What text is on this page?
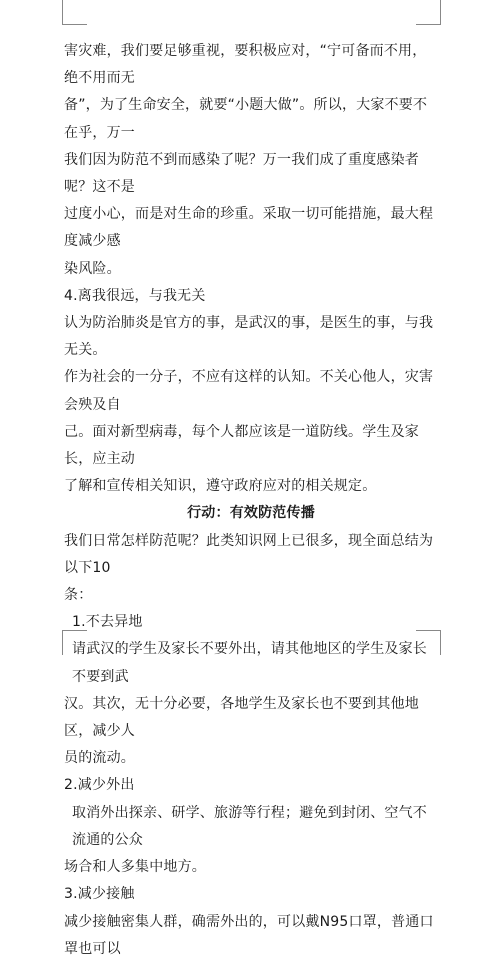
害灾难，我们要足够重视，要积极应对，“宁可备而不用，绝不用而无

备”，为了生命安全，就要“小题大做”。所以，大家不要不在乎，万一

我们因为防范不到而感染了呢？万一我们成了重度感染者呢？这不是

过度小心，而是对生命的珍重。采取一切可能措施，最大程度减少感

染风险。

4.离我很远，与我无关

认为防治肺炎是官方的事，是武汉的事，是医生的事，与我无关。

作为社会的一分子，不应有这样的认知。不关心他人，灾害会殃及自

己。面对新型病毒，每个人都应该是一道防线。学生及家长，应主动

了解和宣传相关知识，遵守政府应对的相关规定。

行动：有效防范传播

我们日常怎样防范呢？此类知识网上已很多，现全面总结为以下10

条：

1.不去异地

请武汉的学生及家长不要外出，请其他地区的学生及家长不要到武

汉。其次，无十分必要，各地学生及家长也不要到其他地区，减少人

员的流动。

2.减少外出

取消外出探亲、研学、旅游等行程；避免到封闭、空气不流通的公众

场合和人多集中地方。

3.减少接触

减少接触密集人群，确需外出的，可以戴N95口罩，普通口罩也可以
